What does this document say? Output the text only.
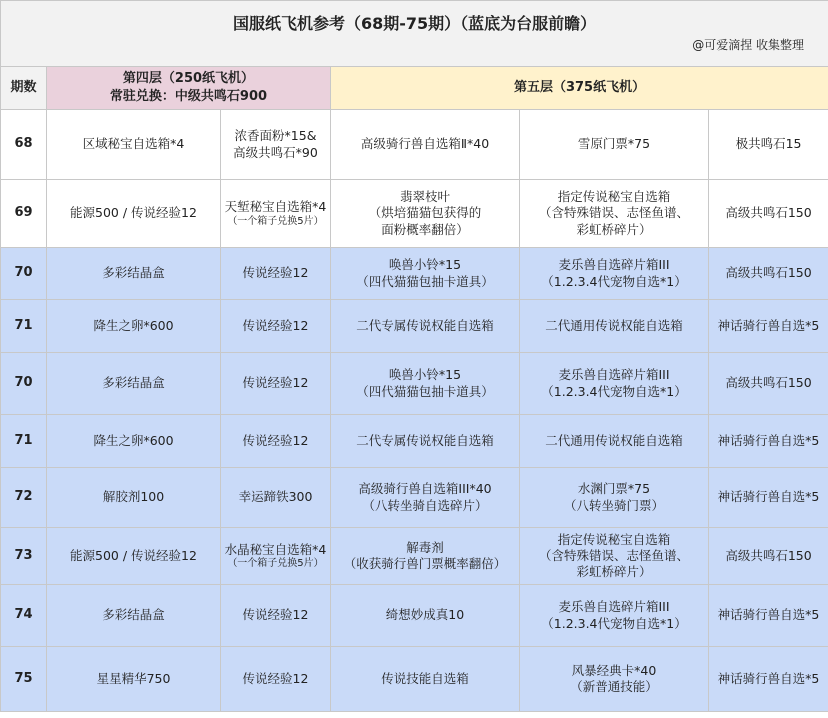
国服纸飞机参考（68期-75期）（蓝底为台服前瞻）
@可爱滴捏 收集整理					

期数	第四层（250纸飞机）
常驻兑换：中级共鸣石900		第五层（375纸飞机）		
68	区域秘宝自选箱*4	浓香面粉*15&
高级共鸣石*90	高级骑行兽自选箱Ⅱ*40	雪原门票*75	极共鸣石15

69	能源500 / 传说经验12	天堑秘宝自选箱*4
（一个箱子兑换5片）	翡翠枝叶
（烘培猫猫包获得的
面粉概率翻倍）	指定传说秘宝自选箱
（含特殊错误、志怪鱼谱、
彩虹桥碎片）	高级共鸣石150

70	多彩结晶盒	传说经验12	唤兽小铃*15
（四代猫猫包抽卡道具）	麦乐兽自选碎片箱III
（1.2.3.4代宠物自选*1）	高级共鸣石150

71	降生之卵*600	传说经验12	二代专属传说权能自选箱	二代通用传说权能自选箱	神话骑行兽自选*5

70	多彩结晶盒	传说经验12	唤兽小铃*15
（四代猫猫包抽卡道具）	麦乐兽自选碎片箱III
（1.2.3.4代宠物自选*1）	高级共鸣石150

71	降生之卵*600	传说经验12	二代专属传说权能自选箱	二代通用传说权能自选箱	神话骑行兽自选*5

72	解胶剂100	幸运蹄铁300	高级骑行兽自选箱III*40
（八转坐骑自选碎片）	水渊门票*75
（八转坐骑门票）	神话骑行兽自选*5

73	能源500 / 传说经验12	水晶秘宝自选箱*4
（一个箱子兑换5片）	解毒剂
（收获骑行兽门票概率翻倍）	指定传说秘宝自选箱
（含特殊错误、志怪鱼谱、
彩虹桥碎片）	高级共鸣石150

74	多彩结晶盒	传说经验12	绮想妙成真10	麦乐兽自选碎片箱III
（1.2.3.4代宠物自选*1）	神话骑行兽自选*5

75	星星精华750	传说经验12	传说技能自选箱	风暴经典卡*40
（新普通技能）	神话骑行兽自选*5
